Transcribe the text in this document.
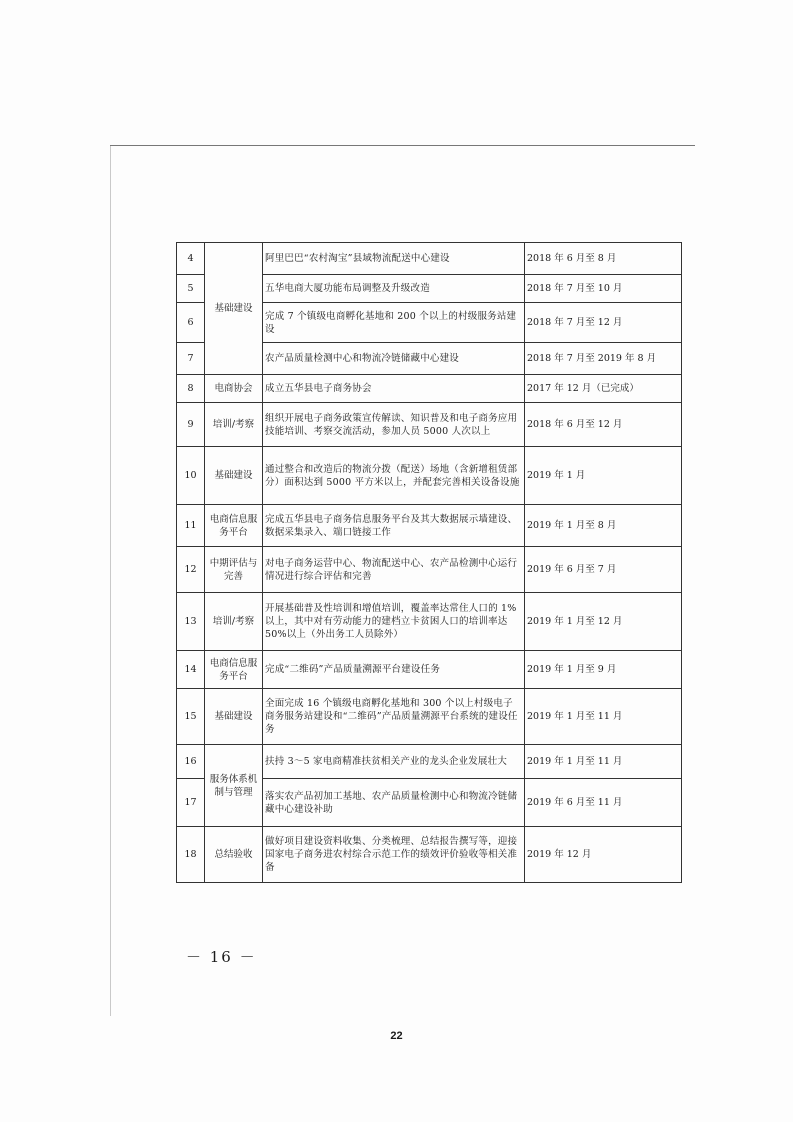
4	基础建设	阿里巴巴“农村淘宝”县域物流配送中心建设	2018 年 6 月至 8 月
5		五华电商大厦功能布局调整及升级改造	2018 年 7 月至 10 月
6		完成 7 个镇级电商孵化基地和 200 个以上的村级服务站建设	2018 年 7 月至 12 月
7		农产品质量检测中心和物流冷链储藏中心建设	2018 年 7 月至 2019 年 8 月
8	电商协会	成立五华县电子商务协会	2017 年 12 月（已完成）
9	培训/考察	组织开展电子商务政策宣传解读、知识普及和电子商务应用技能培训、考察交流活动，参加人员 5000 人次以上	2018 年 6 月至 12 月
10	基础建设	通过整合和改造后的物流分拨（配送）场地（含新增租赁部分）面积达到 5000 平方米以上，并配套完善相关设备设施	2019 年 1 月
11	电商信息服务平台	完成五华县电子商务信息服务平台及其大数据展示墙建设、数据采集录入、端口链接工作	2019 年 1 月至 8 月
12	中期评估与完善	对电子商务运营中心、物流配送中心、农产品检测中心运行情况进行综合评估和完善	2019 年 6 月至 7 月
13	培训/考察	开展基础普及性培训和增值培训，覆盖率达常住人口的 1%以上，其中对有劳动能力的建档立卡贫困人口的培训率达 50%以上（外出务工人员除外）	2019 年 1 月至 12 月
14	电商信息服务平台	完成“二维码”产品质量溯源平台建设任务	2019 年 1 月至 9 月
15	基础建设	全面完成 16 个镇级电商孵化基地和 300 个以上村级电子商务服务站建设和“二维码”产品质量溯源平台系统的建设任务	2019 年 1 月至 11 月
16	服务体系机制与管理	扶持 3～5 家电商精准扶贫相关产业的龙头企业发展壮大	2019 年 1 月至 11 月
17		落实农产品初加工基地、农产品质量检测中心和物流冷链储藏中心建设补助	2019 年 6 月至 11 月
18	总结验收	做好项目建设资料收集、分类梳理、总结报告撰写等，迎接国家电子商务进农村综合示范工作的绩效评价验收等相关准备	2019 年 12 月
－ 16 －
22
